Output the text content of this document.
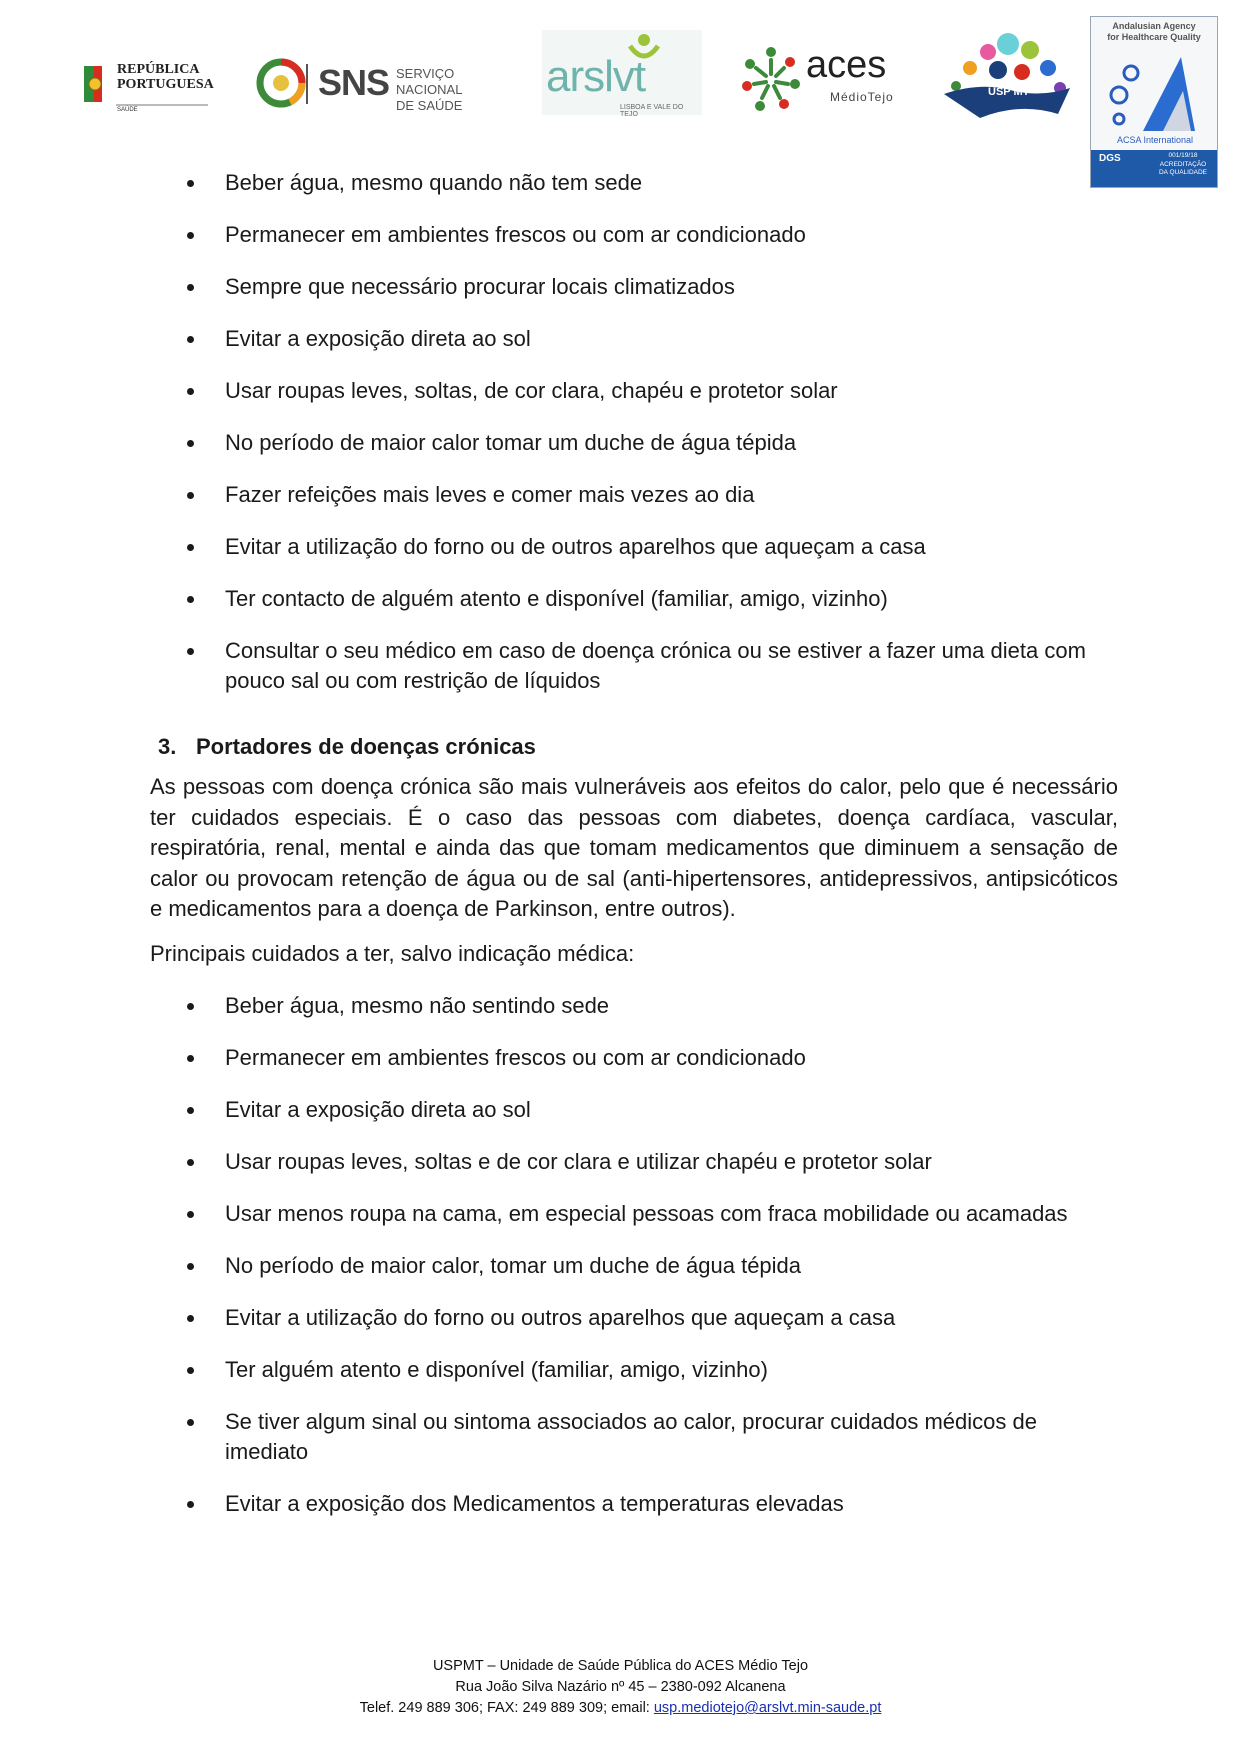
REPÚBLICA
PORTUGUESA
SAÚDE
SNS SERVIÇO NACIONAL
DE SAÚDE
arslvt
LISBOA E VALE DO TEJO
aces
MédioTejo	USP MT
Andalusian Agency
for Healthcare Quality
ACSA International
DGS	001/19/18
ACREDITAÇÃO
DA QUALIDADE
Beber água, mesmo quando não tem sede
Permanecer em ambientes frescos ou com ar condicionado
Sempre que necessário procurar locais climatizados
Evitar a exposição direta ao sol
Usar roupas leves, soltas, de cor clara, chapéu e protetor solar
No período de maior calor tomar um duche de água tépida
Fazer refeições mais leves e comer mais vezes ao dia
Evitar a utilização do forno ou de outros aparelhos que aqueçam a casa
Ter contacto de alguém atento e disponível (familiar, amigo, vizinho)
Consultar o seu médico em caso de doença crónica ou se estiver a fazer uma dieta com pouco sal ou com restrição de líquidos
3. Portadores de doenças crónicas

As pessoas com doença crónica são mais vulneráveis aos efeitos do calor, pelo que é necessário ter cuidados especiais. É o caso das pessoas com diabetes, doença cardíaca, vascular, respiratória, renal, mental e ainda das que tomam medicamentos que diminuem a sensação de calor ou provocam retenção de água ou de sal (anti-hipertensores, antidepressivos, antipsicóticos e medicamentos para a doença de Parkinson, entre outros).

Principais cuidados a ter, salvo indicação médica:

Beber água, mesmo não sentindo sede
Permanecer em ambientes frescos ou com ar condicionado
Evitar a exposição direta ao sol
Usar roupas leves, soltas e de cor clara e utilizar chapéu e protetor solar
Usar menos roupa na cama, em especial pessoas com fraca mobilidade ou acamadas
No período de maior calor, tomar um duche de água tépida
Evitar a utilização do forno ou outros aparelhos que aqueçam a casa
Ter alguém atento e disponível (familiar, amigo, vizinho)
Se tiver algum sinal ou sintoma associados ao calor, procurar cuidados médicos de imediato
Evitar a exposição dos Medicamentos a temperaturas elevadas
USPMT – Unidade de Saúde Pública do ACES Médio Tejo
Rua João Silva Nazário nº 45 – 2380-092 Alcanena
Telef. 249 889 306; FAX: 249 889 309; email: usp.mediotejo@arslvt.min-saude.pt
